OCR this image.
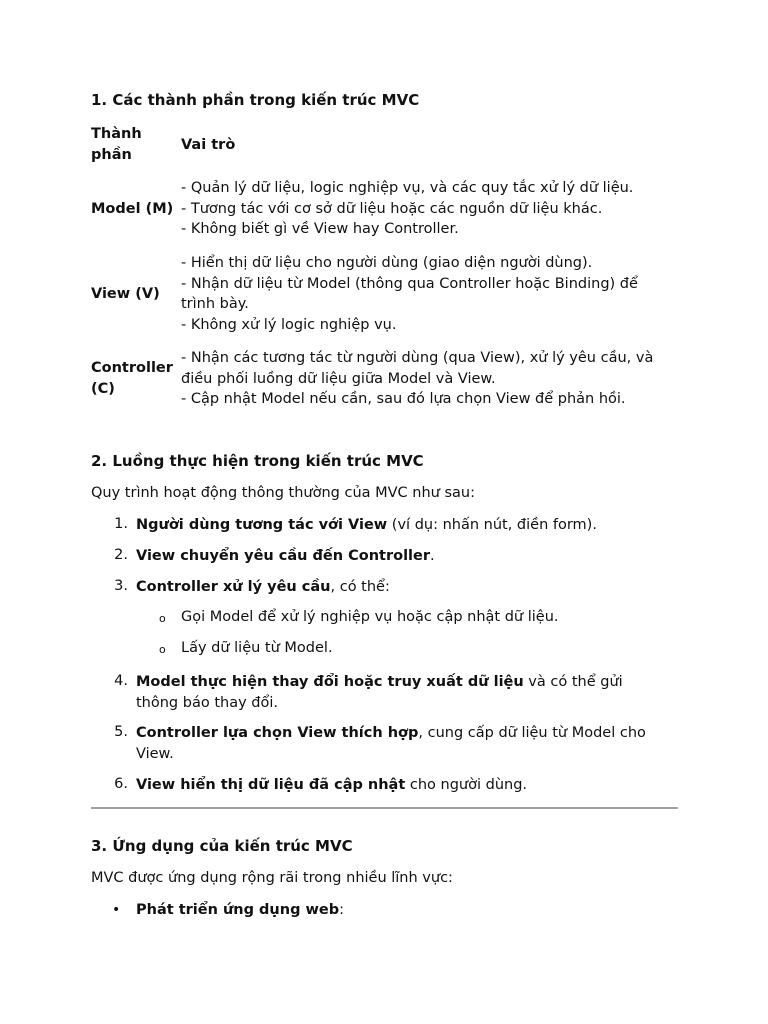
1. Các thành phần trong kiến trúc MVC
Thành
phần
Vai trò
Model (M)
- Quản lý dữ liệu, logic nghiệp vụ, và các quy tắc xử lý dữ liệu.
- Tương tác với cơ sở dữ liệu hoặc các nguồn dữ liệu khác.
- Không biết gì về View hay Controller.
View (V)
- Hiển thị dữ liệu cho người dùng (giao diện người dùng).
- Nhận dữ liệu từ Model (thông qua Controller hoặc Binding) để
trình bày.
- Không xử lý logic nghiệp vụ.
Controller
(C)
- Nhận các tương tác từ người dùng (qua View), xử lý yêu cầu, và
điều phối luồng dữ liệu giữa Model và View.
- Cập nhật Model nếu cần, sau đó lựa chọn View để phản hồi.
2. Luồng thực hiện trong kiến trúc MVC
Quy trình hoạt động thông thường của MVC như sau:
1. Người dùng tương tác với View (ví dụ: nhấn nút, điền form).
2. View chuyển yêu cầu đến Controller.
3. Controller xử lý yêu cầu, có thể:
o Gọi Model để xử lý nghiệp vụ hoặc cập nhật dữ liệu.
o Lấy dữ liệu từ Model.
4. Model thực hiện thay đổi hoặc truy xuất dữ liệu và có thể gửi
thông báo thay đổi.
5. Controller lựa chọn View thích hợp, cung cấp dữ liệu từ Model cho
View.
6. View hiển thị dữ liệu đã cập nhật cho người dùng.
3. Ứng dụng của kiến trúc MVC
MVC được ứng dụng rộng rãi trong nhiều lĩnh vực:
• Phát triển ứng dụng web:
